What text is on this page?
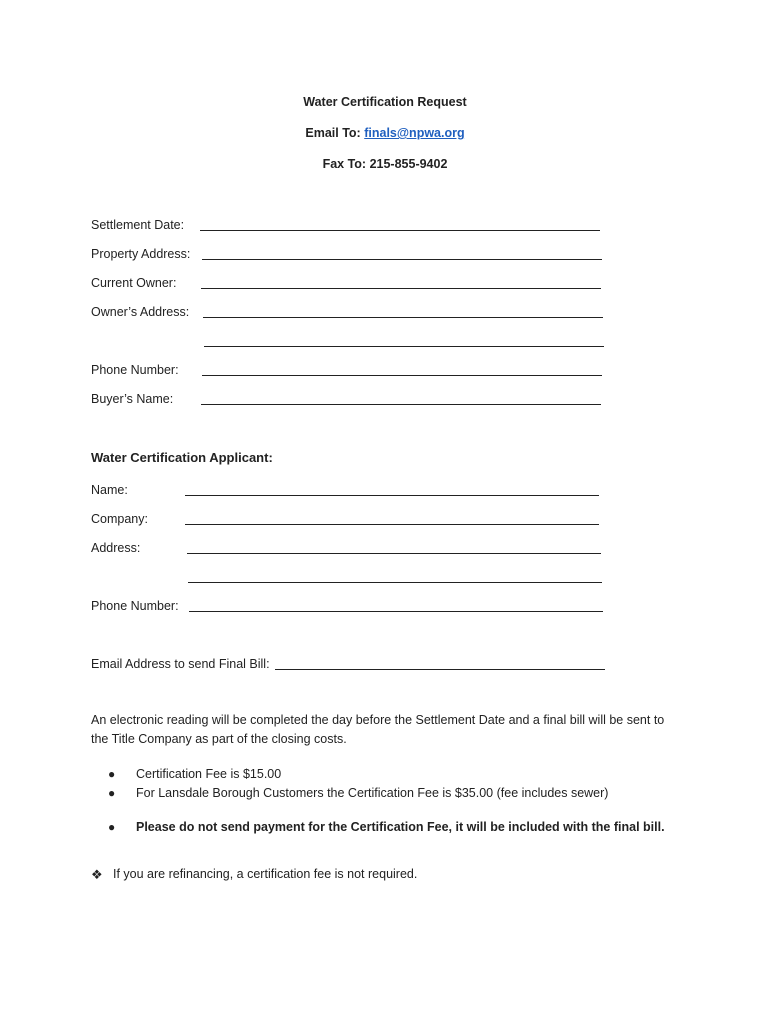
Water Certification Request
Email To: finals@npwa.org
Fax To: 215-855-9402
Settlement Date:
Property Address:
Current Owner:
Owner’s Address:
Phone Number:
Buyer’s Name:
Water Certification Applicant:
Name:
Company:
Address:
Phone Number:
Email Address to send Final Bill:
An electronic reading will be completed the day before the Settlement Date and a final bill will be sent to the Title Company as part of the closing costs.
●	Certification Fee is $15.00
●	For Lansdale Borough Customers the Certification Fee is $35.00 (fee includes sewer)
●	Please do not send payment for the Certification Fee, it will be included with the final bill.
❖ If you are refinancing, a certification fee is not required.
